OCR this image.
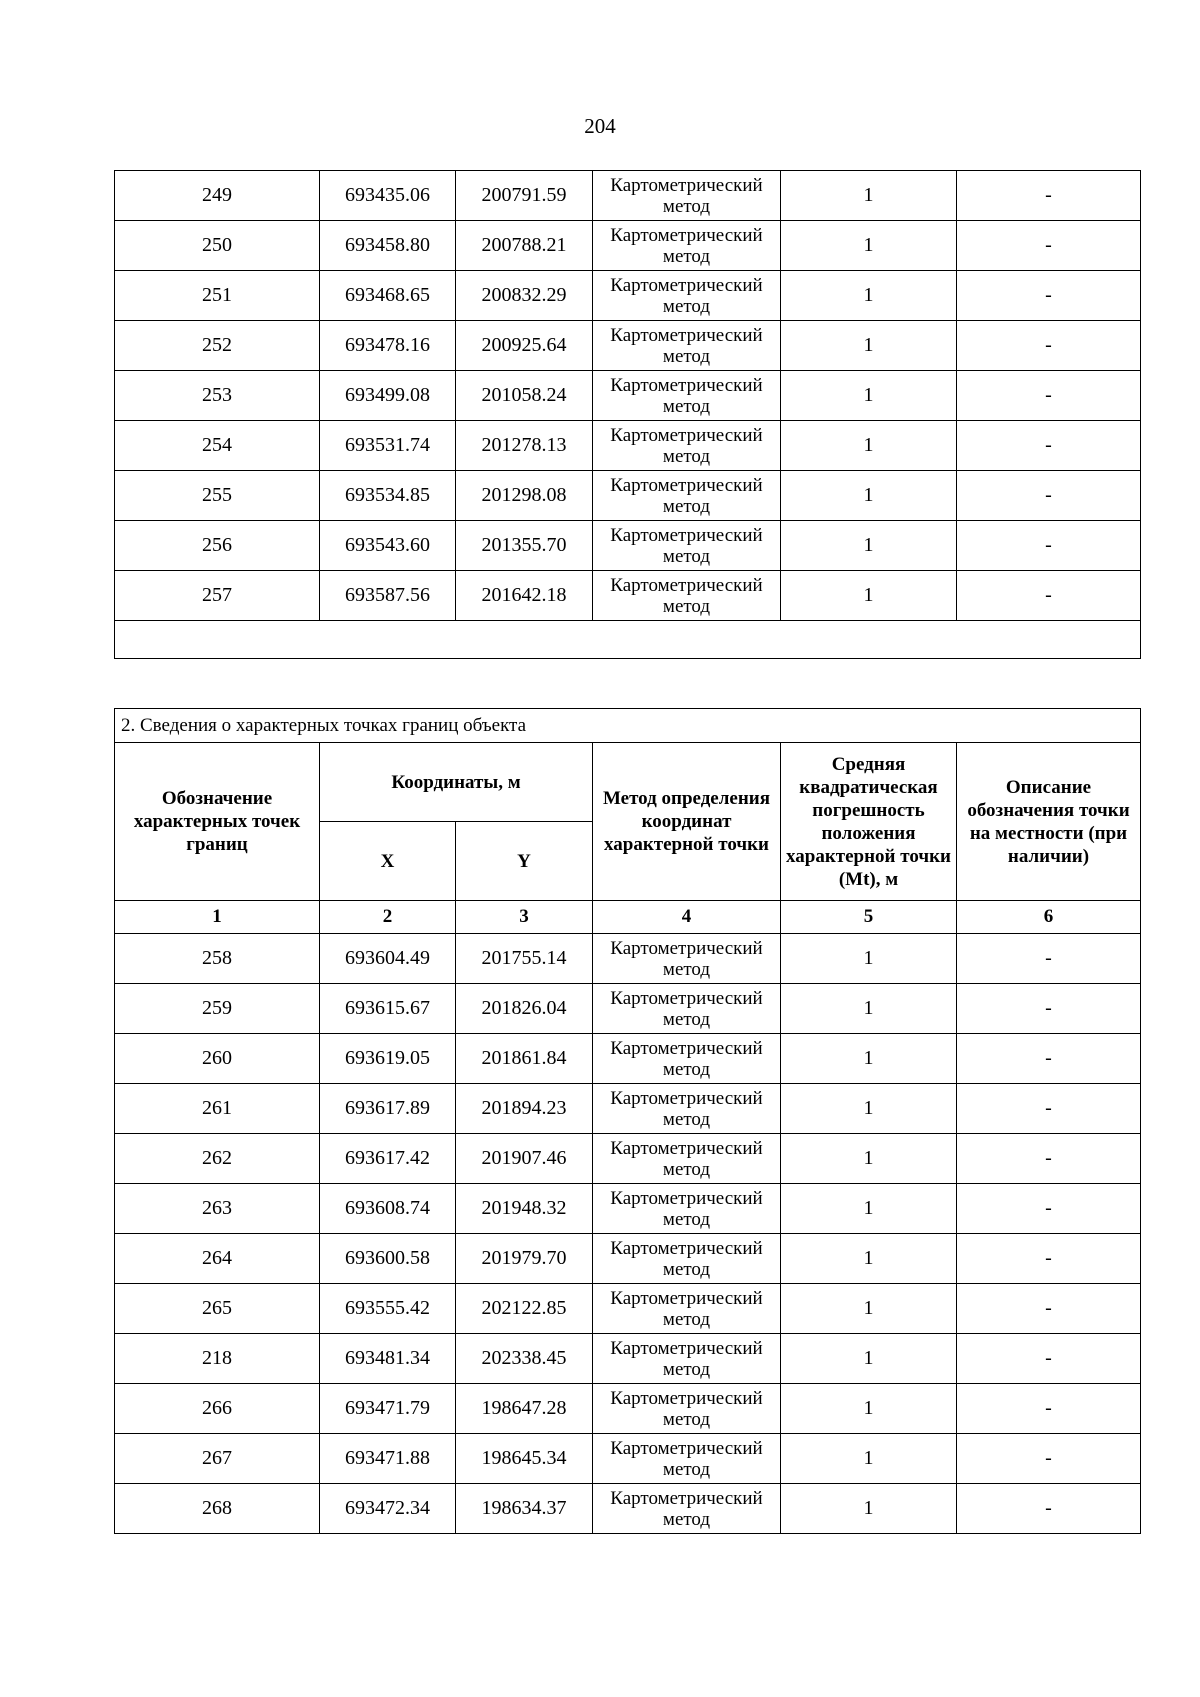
204
249	693435.06	200791.59	Картометрический метод	1	-
250	693458.80	200788.21	Картометрический метод	1	-
251	693468.65	200832.29	Картометрический метод	1	-
252	693478.16	200925.64	Картометрический метод	1	-
253	693499.08	201058.24	Картометрический метод	1	-
254	693531.74	201278.13	Картометрический метод	1	-
255	693534.85	201298.08	Картометрический метод	1	-
256	693543.60	201355.70	Картометрический метод	1	-
257	693587.56	201642.18	Картометрический метод	1	-

2. Сведения о характерных точках границ объекта					
Обозначение характерных точек границ	Координаты, м		Метод определения координат характерной точки	Средняя квадратическая погрешность положения характерной точки (Mt), м	Описание обозначения точки на местности (при наличии)
	X	Y			
1	2	3	4	5	6
258	693604.49	201755.14	Картометрический метод	1	-
259	693615.67	201826.04	Картометрический метод	1	-
260	693619.05	201861.84	Картометрический метод	1	-
261	693617.89	201894.23	Картометрический метод	1	-
262	693617.42	201907.46	Картометрический метод	1	-
263	693608.74	201948.32	Картометрический метод	1	-
264	693600.58	201979.70	Картометрический метод	1	-
265	693555.42	202122.85	Картометрический метод	1	-
218	693481.34	202338.45	Картометрический метод	1	-
266	693471.79	198647.28	Картометрический метод	1	-
267	693471.88	198645.34	Картометрический метод	1	-
268	693472.34	198634.37	Картометрический метод	1	-
